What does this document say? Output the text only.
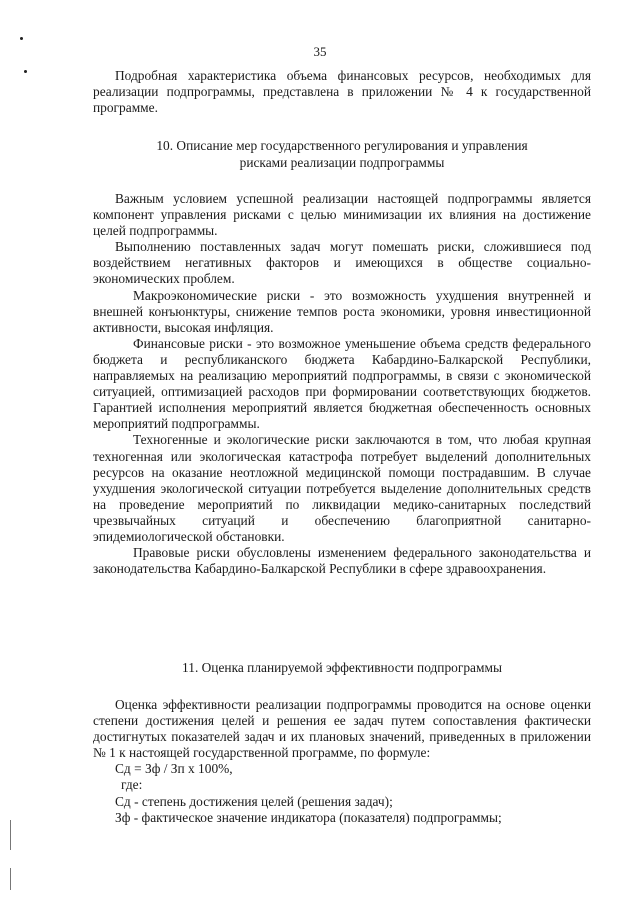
35

Подробная характеристика объема финансовых ресурсов, необходимых для реализации подпрограммы, представлена в приложении № 4 к государственной программе.

10. Описание мер государственного регулирования и управления
рисками реализации подпрограммы

Важным условием успешной реализации настоящей подпрограммы является компонент управления рисками с целью минимизации их влияния на достижение целей подпрограммы.

Выполнению поставленных задач могут помешать риски, сложившиеся под воздействием негативных факторов и имеющихся в обществе социально-экономических проблем.

Макроэкономические риски - это возможность ухудшения внутренней и внешней конъюнктуры, снижение темпов роста экономики, уровня инвестиционной активности, высокая инфляция.

Финансовые риски - это возможное уменьшение объема средств федерального бюджета и республиканского бюджета Кабардино-Балкарской Республики, направляемых на реализацию мероприятий подпрограммы, в связи с экономической ситуацией, оптимизацией расходов при формировании соответствующих бюджетов. Гарантией исполнения мероприятий является бюджетная обеспеченность основных мероприятий подпрограммы.

Техногенные и экологические риски заключаются в том, что любая крупная техногенная или экологическая катастрофа потребует выделений дополнительных ресурсов на оказание неотложной медицинской помощи пострадавшим. В случае ухудшения экологической ситуации потребуется выделение дополнительных средств на проведение мероприятий по ликвидации медико-санитарных последствий чрезвычайных ситуаций и обеспечению благоприятной санитарно-эпидемиологической обстановки.

Правовые риски обусловлены изменением федерального законодательства и законодательства Кабардино-Балкарской Республики в сфере здравоохранения.

11. Оценка планируемой эффективности подпрограммы

Оценка эффективности реализации подпрограммы проводится на основе оценки степени достижения целей и решения ее задач путем сопоставления фактически достигнутых показателей задач и их плановых значений, приведенных в приложении № 1 к настоящей государственной программе, по формуле:

Сд = Зф / Зп х 100%,

где:

Сд - степень достижения целей (решения задач);

Зф - фактическое значение индикатора (показателя) подпрограммы;
